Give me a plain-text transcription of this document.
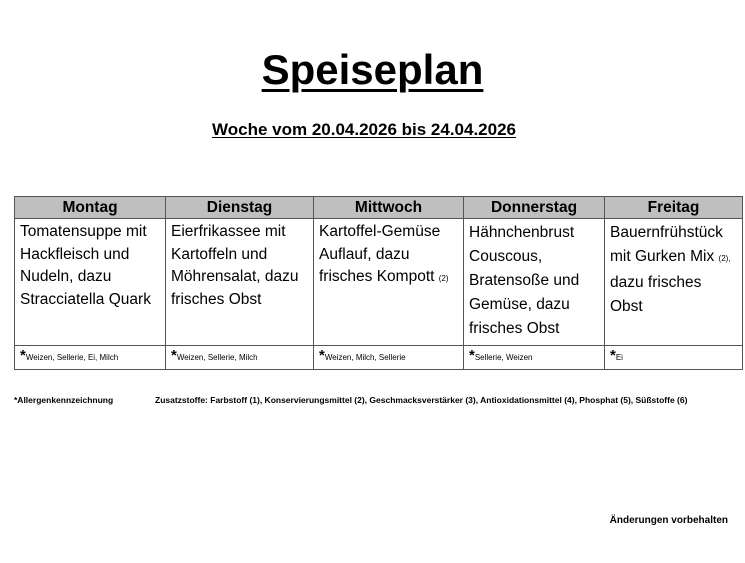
Speiseplan
Woche vom 20.04.2026 bis 24.04.2026
Montag	Dienstag	Mittwoch	Donnerstag	Freitag
Tomatensuppe mit Hackfleisch und Nudeln, dazu Stracciatella Quark	Eierfrikassee mit Kartoffeln und Möhrensalat, dazu frisches Obst	Kartoffel-Gemüse Auflauf, dazu frisches Kompott (2)	Hähnchenbrust Couscous, Bratensoße und Gemüse, dazu frisches Obst	Bauernfrühstück mit Gurken Mix (2), dazu frisches Obst
*Weizen, Sellerie, Ei, Milch	*Weizen, Sellerie, Milch	*Weizen, Milch, Sellerie	*Sellerie, Weizen	*Ei
*Allergenkennzeichnung	Zusatzstoffe: Farbstoff (1), Konservierungsmittel (2), Geschmacksverstärker (3), Antioxidationsmittel (4), Phosphat (5), Süßstoffe (6)
Änderungen vorbehalten
